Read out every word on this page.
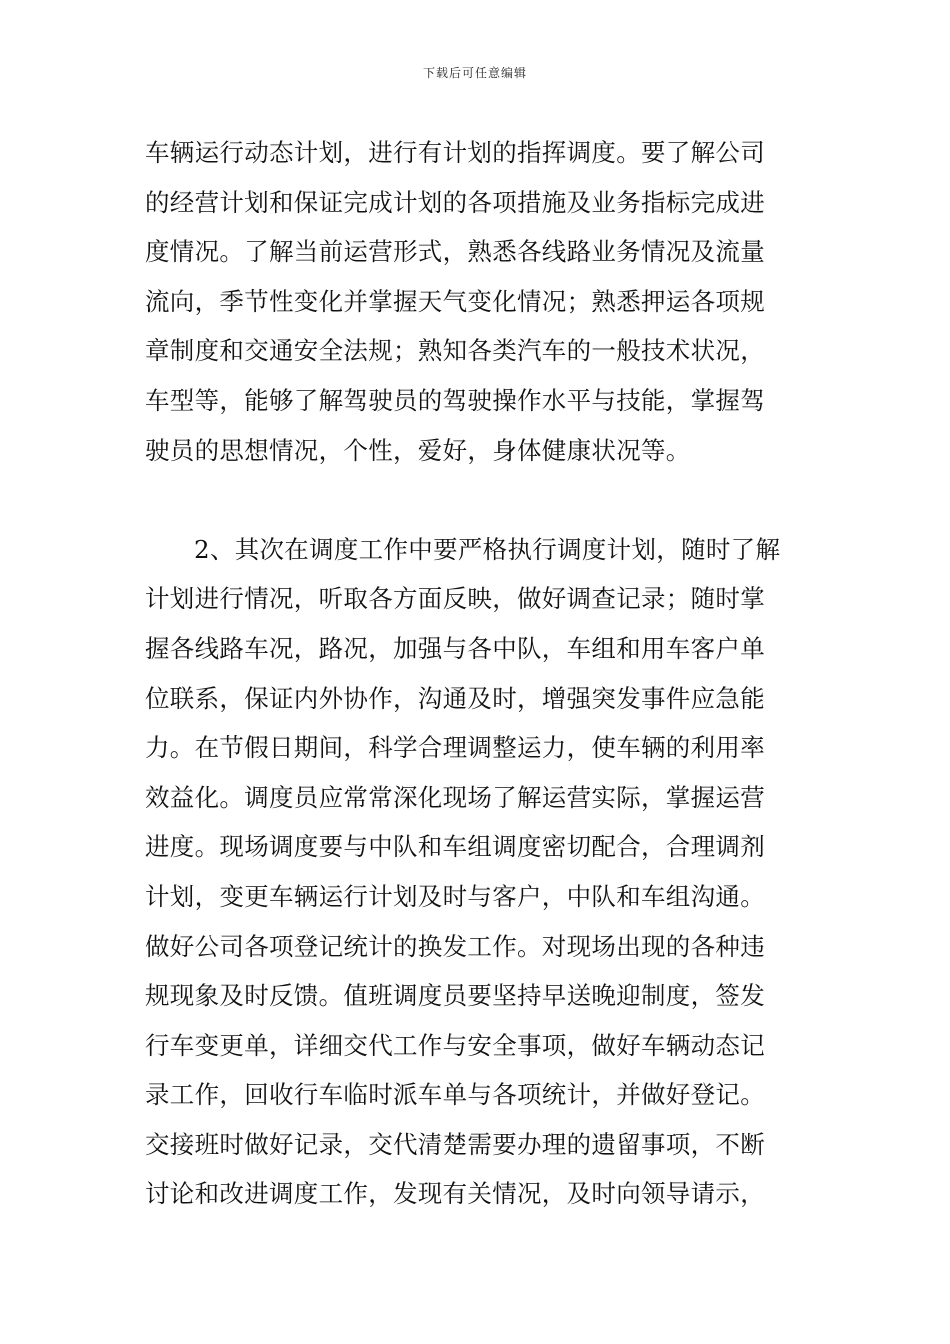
下载后可任意编辑
车辆运行动态计划，进行有计划的指挥调度。要了解公司
的经营计划和保证完成计划的各项措施及业务指标完成进
度情况。了解当前运营形式，熟悉各线路业务情况及流量
流向，季节性变化并掌握天气变化情况；熟悉押运各项规
章制度和交通安全法规；熟知各类汽车的一般技术状况，
车型等，能够了解驾驶员的驾驶操作水平与技能，掌握驾
驶员的思想情况，个性，爱好，身体健康状况等。
2、其次在调度工作中要严格执行调度计划，随时了解
计划进行情况，听取各方面反映，做好调查记录；随时掌
握各线路车况，路况，加强与各中队，车组和用车客户单
位联系，保证内外协作，沟通及时，增强突发事件应急能
力。在节假日期间，科学合理调整运力，使车辆的利用率
效益化。调度员应常常深化现场了解运营实际，掌握运营
进度。现场调度要与中队和车组调度密切配合，合理调剂
计划，变更车辆运行计划及时与客户，中队和车组沟通。
做好公司各项登记统计的换发工作。对现场出现的各种违
规现象及时反馈。值班调度员要坚持早送晚迎制度，签发
行车变更单，详细交代工作与安全事项，做好车辆动态记
录工作，回收行车临时派车单与各项统计，并做好登记。
交接班时做好记录，交代清楚需要办理的遗留事项，不断
讨论和改进调度工作，发现有关情况，及时向领导请示，
